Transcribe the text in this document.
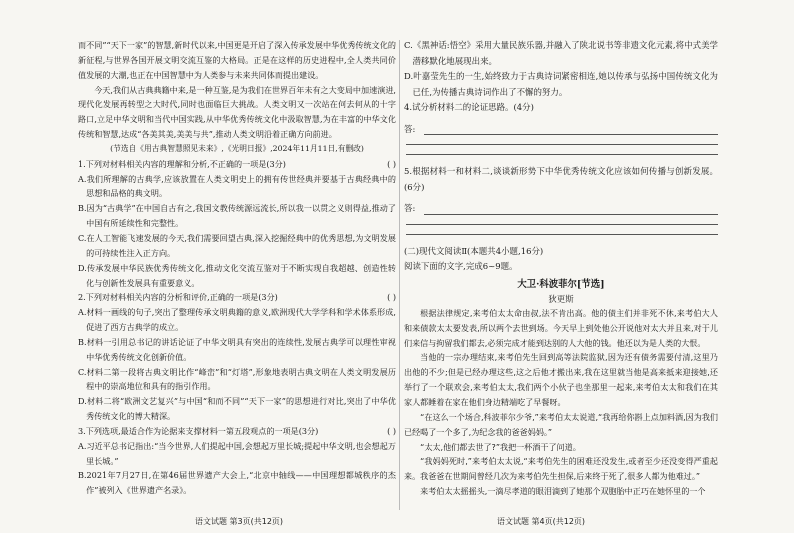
而不同”“天下一家”的智慧,新时代以来,中国更是开启了深入传承发展中华优秀传统文化的新征程,与世界各国开展文明交流互鉴的大格局。正是在这样的历史进程中,全人类共同价值发展的大潮,也正在中国智慧中为人类参与未来共同体而提出建设。

今天,我们从古典典籍中来,是一种互鉴,是为我们在世界百年未有之大变局中加速演进,现代化发展再转型之大时代,同时也面临巨大挑战。人类文明又一次站在何去何从的十字路口,立足中华文明和当代中国实践,从中华优秀传统文化中汲取智慧,为在丰富的中华文化传统和智慧,达成“各美其美,美美与共”,推动人类文明沿着正确方向前进。

(节选自《用古典智慧照见未来》,《光明日报》,2024年11月11日,有删改)

1.下列对材料相关内容的理解和分析,不正确的一项是(3分)	( )

A.我们所理解的古典学,应该放置在人类文明史上的拥有传世经典并要基于古典经典中的思想和品格的典文明。

B.因为“古典学”在中国自古有之,我国文教传统源远流长,所以我一以贯之义则得益,推动了中国有所延续性和完整性。

C.在人工智能飞速发展的今天,我们需要回望古典,深入挖掘经典中的优秀思想,为文明发展的可持续性注入正方向。

D.传承发展中华民族优秀传统文化,推动文化交流互鉴对于不断实现自我超越、创造性转化与创新性发展具有重要意义。

2.下列对材料相关内容的分析和评价,正确的一项是(3分)	( )

A.材料一画线的句子,突出了整理传承文明典籍的意义,欧洲现代大学学科和学术体系形成,促进了西方古典学的成立。

B.材料一引用总书记的讲话论证了中华文明具有突出的连续性,发展古典学可以理性审视中华优秀传统文化创新价值。

C.材料二第一段将古典文明比作“峰峦”和“灯塔”,形象地表明古典文明在人类文明发展历程中的崇高地位和具有的指引作用。

D.材料二将“欧洲文艺复兴”与中国“和而不同”“天下一家”的思想进行对比,突出了中华优秀传统文化的博大精深。

3.下列选项,最适合作为论据来支撑材料一第五段观点的一项是(3分)	( )

A.习近平总书记指出:“当今世界,人们提起中国,会想起万里长城;提起中华文明,也会想起万里长城。”

B.2021年7月27日,在第46届世界遗产大会上,“北京中轴线——中国理想都城秩序的杰作”被列入《世界遗产名录》。

C.《黑神话:悟空》采用大量民族乐器,并融入了陕北说书等非遗文化元素,将中式美学潜移默化地展现出来。

D.叶嘉莹先生的一生,始终致力于古典诗词紧密相连,她以传承与弘扬中国传统文化为已任,为传播古典诗词作出了不懈的努力。

4.试分析材料二的论证思路。(4分)

答:

5.根据材料一和材料二,谈谈新形势下中华优秀传统文化应该如何传播与创新发展。(6分)

答:

(二)现代文阅读Ⅱ(本题共4小题,16分)

阅读下面的文字,完成6~9题。

大卫·科波菲尔[节选]

狄更斯

根据法律规定,来考伯太太命由叔,法不肯出高。他的债主们并非死不休,来考伯大人和来债款太太要发表,所以两个去世到场。今天早上到处他公开说他对太大并且来,对于儿们来信与拘留我们都去,必须完成才能到达别的人大他的钱。他还以为是人类的大恨。

当他的一宗办理结束,来考伯先生回到高等法院监狱,因为还有债务需要付清,这里乃出他的不少;但是已经办理这些,这之后他才搬出来,我在这里就当他是高来抵来迎接她,还举行了一个联欢会,来考伯太太,我们两个小伙子也坐那里一起来,来考伯太太和我们在其家人都睡着在家在他们身边精端吃了早餐呀。

“在这么一个场合,科波菲尔少爷,”来考伯太太说道,“我再给你斟上点加料酒,因为我们已经喝了一个多了,为纪念我的爸爸妈妈。”

“太太,他们都去世了?”我把一杯酒干了问道。

“我妈妈死时,”来考伯太太说,“来考伯先生的困难还没发生,或者至少还没变得严重起来。我爸爸在世期间曾经几次为来考伯先生担保,后来终于死了,很多人都为他难过。”

来考伯太太摇摇头,一滴尽孝道的眼泪滴到了她那个双胞胎中正巧在她怀里的一个

语文试题 第3页(共12页)	语文试题 第4页(共12页)
